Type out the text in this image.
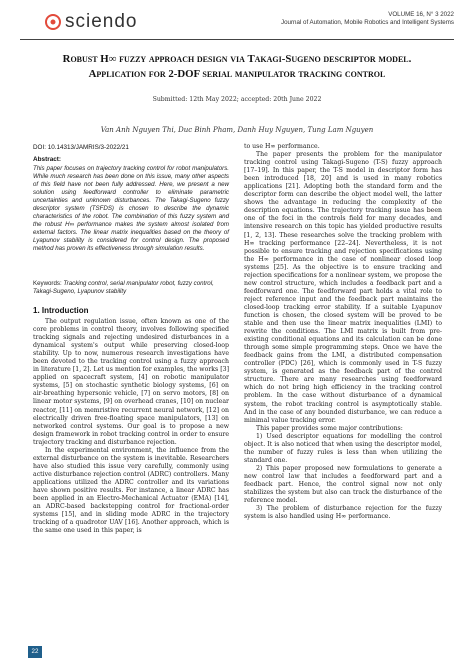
sciendo	VOLUME 16, N° 3 2022
Journal of Automation, Mobile Robotics and Intelligent Systems
Robust H∞ fuzzy approach design via Takagi-Sugeno descriptor model.
Application for 2-DOF serial manipulator tracking control
Submitted: 12th May 2022; accepted: 20th June 2022
Van Anh Nguyen Thi, Duc Binh Pham, Danh Huy Nguyen, Tung Lam Nguyen
DOI: 10.14313/JAMRIS/3-2022/21
Abstract:
This paper focuses on trajectory tracking control for robot manipulators. While much research has been done on this issue, many other aspects of this field have not been fully addressed. Here, we present a new solution using feedforward controller to eliminate parametric uncertainties and unknown disturbances. The Takagi-Sugeno fuzzy descriptor system (TSFDS) is chosen to describe the dynamic characteristics of the robot. The combination of this fuzzy system and the robust H∞ performance makes the system almost isolated from external factors. The linear matrix inequalities based on the theory of Lyapunov stability is considered for control design. The proposed method has proven its effectiveness through simulation results.
Keywords: Tracking control, serial manipulator robot, fuzzy control, Takagi-Sugeno, Lyapunov stability
1. Introduction

The output regulation issue, often known as one of the core problems in control theory, involves following specified tracking signals and rejecting undesired disturbances in a dynamical system's output while preserving closed-loop stability. Up to now, numerous research investigations have been devoted to the tracking control using a fuzzy approach in literature [1, 2]. Let us mention for examples, the works [3] applied on spacecraft system, [4] on robotic manipulator systems, [5] on stochastic synthetic biology systems, [6] on air-breathing hypersonic vehicle, [7] on servo motors, [8] on linear motor systems, [9] on overhead cranes, [10] on nuclear reactor, [11] on memristive recurrent neural network, [12] on electrically driven free-floating space manipulators, [13] on networked control systems. Our goal is to propose a new design framework in robot tracking control in order to ensure trajectory tracking and disturbance rejection.

In the experimental environment, the influence from the external disturbance on the system is inevitable. Researchers have also studied this issue very carefully, commonly using active disturbance rejection control (ADRC) controllers. Many applications utilized the ADRC controller and its variations have shown positive results. For instance, a linear ADRC has been applied in an Electro-Mechanical Actuator (EMA) [14], an ADRC-based backstepping control for fractional-order systems [15], and in sliding mode ADRC in the trajectory tracking of a quadrotor UAV [16]. Another approach, which is the same one used in this paper, is

to use H∞ performance.

The paper presents the problem for the manipulator tracking control using Takagi-Sugeno (T-S) fuzzy approach [17–19]. In this paper, the T-S model in descriptor form has been introduced [18, 20] and is used in many robotics applications [21]. Adopting both the standard form and the descriptor form can describe the object model well, the latter shows the advantage in reducing the complexity of the description equations. The trajectory tracking issue has been one of the foci in the controls field for many decades, and intensive research on this topic has yielded productive results [1, 2, 13]. These researches solve the tracking problem with H∞ tracking performance [22–24]. Nevertheless, it is not possible to ensure tracking and rejection specifications using the H∞ performance in the case of nonlinear closed loop systems [25]. As the objective is to ensure tracking and rejection specifications for a nonlinear system, we propose the new control structure, which includes a feedback part and a feedforward one. The feedforward part holds a vital role to reject reference input and the feedback part maintains the closed-loop tracking error stability. If a suitable Lyapunov function is chosen, the closed system will be proved to be stable and then use the linear matrix inequalities (LMI) to rewrite the conditions. The LMI matrix is built from pre-existing conditional equations and its calculation can be done through some simple programming steps. Once we have the feedback gains from the LMI, a distributed compensation controller (PDC) [26], which is commonly used in T-S fuzzy system, is generated as the feedback part of the control structure. There are many researches using feedforward which do not bring high efficiency in the tracking control problem. In the case without disturbance of a dynamical system, the robot tracking control is asymptotically stable. And in the case of any bounded disturbance, we can reduce a minimal value tracking error.

This paper provides some major contributions:

1) Used descriptor equations for modelling the control object. It is also noticed that when using the descriptor model, the number of fuzzy rules is less than when utilizing the standard one.

2) This paper proposed new formulations to generate a new control law that includes a feedforward part and a feedback part. Hence, the control signal now not only stabilizes the system but also can track the disturbance of the reference model.

3) The problem of disturbance rejection for the fuzzy system is also handled using H∞ performance.

22
